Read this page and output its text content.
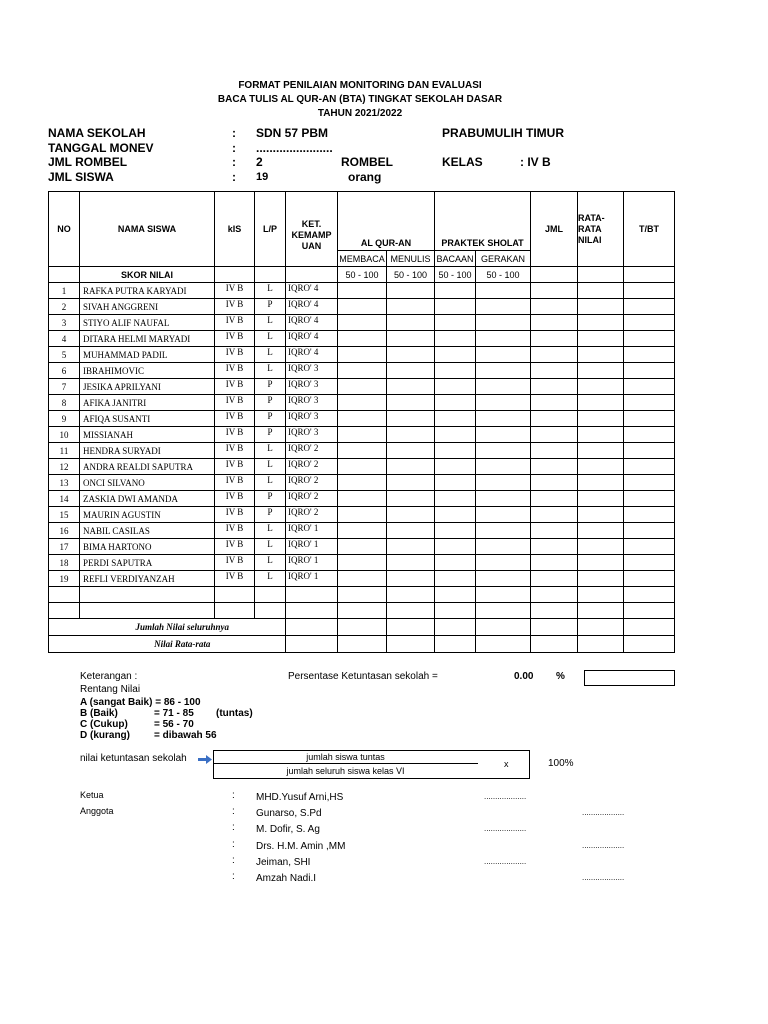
FORMAT PENILAIAN MONITORING DAN EVALUASI
BACA TULIS AL QUR-AN (BTA) TINGKAT SEKOLAH DASAR
TAHUN 2021/2022
NAMA SEKOLAH	: SDN 57 PBM	PRABUMULIH TIMUR
TANGGAL MONEV	: .......................
JML ROMBEL	: 2	ROMBEL	KELAS	: IV B
JML SISWA	: 19	orang
NO	NAMA SISWA	kIS	L/P	KET. KEMAMP UAN	AL QUR-AN		PRAKTEK SHOLAT		JML	RATA-RATA NILAI	T/BT
					MEMBACA	MENULIS	BACAAN	GERAKAN			
	SKOR NILAI				50 - 100	50 - 100	50 - 100	50 - 100			
1	RAFKA PUTRA KARYADI	IV B	L	IQRO' 4							
2	SIVAH ANGGRENI	IV B	P	IQRO' 4							
3	STIYO ALIF NAUFAL	IV B	L	IQRO' 4							
4	DITARA HELMI MARYADI	IV B	L	IQRO' 4							
5	MUHAMMAD PADIL	IV B	L	IQRO' 4							
6	IBRAHIMOVIC	IV B	L	IQRO' 3							
7	JESIKA APRILYANI	IV B	P	IQRO' 3							
8	AFIKA JANITRI	IV B	P	IQRO' 3							
9	AFIQA SUSANTI	IV B	P	IQRO' 3							
10	MISSIANAH	IV B	P	IQRO' 3							
11	HENDRA SURYADI	IV B	L	IQRO' 2							
12	ANDRA REALDI SAPUTRA	IV B	L	IQRO' 2							
13	ONCI SILVANO	IV B	L	IQRO' 2							
14	ZASKIA DWI AMANDA	IV B	P	IQRO' 2							
15	MAURIN AGUSTIN	IV B	P	IQRO' 2							
16	NABIL CASILAS	IV B	L	IQRO' 1							
17	BIMA HARTONO	IV B	L	IQRO' 1							
18	PERDI SAPUTRA	IV B	L	IQRO' 1							
19	REFLI VERDIYANZAH	IV B	L	IQRO' 1							

	Jumlah Nilai seluruhnya										
	Nilai Rata-rata										
Keterangan :	Persentase Ketuntasan sekolah =	0.00 %
Rentang Nilai
A (sangat Baik) = 86 - 100
B (Baik)	= 71 - 85 (tuntas)
C (Cukup)	= 56 - 70
D (kurang) = dibawah 56
nilai ketuntasan sekolah	jumlah siswa tuntas
jumlah seluruh siswa kelas VI
x	100%
Ketua
Anggota
: MHD.Yusuf Arni,HS	...................
: Gunarso, S.Pd	...................
: M. Dofir, S. Ag	...................
: Drs. H.M. Amin ,MM	...................
: Jeiman, SHI	...................
: Amzah Nadi.I	...................
